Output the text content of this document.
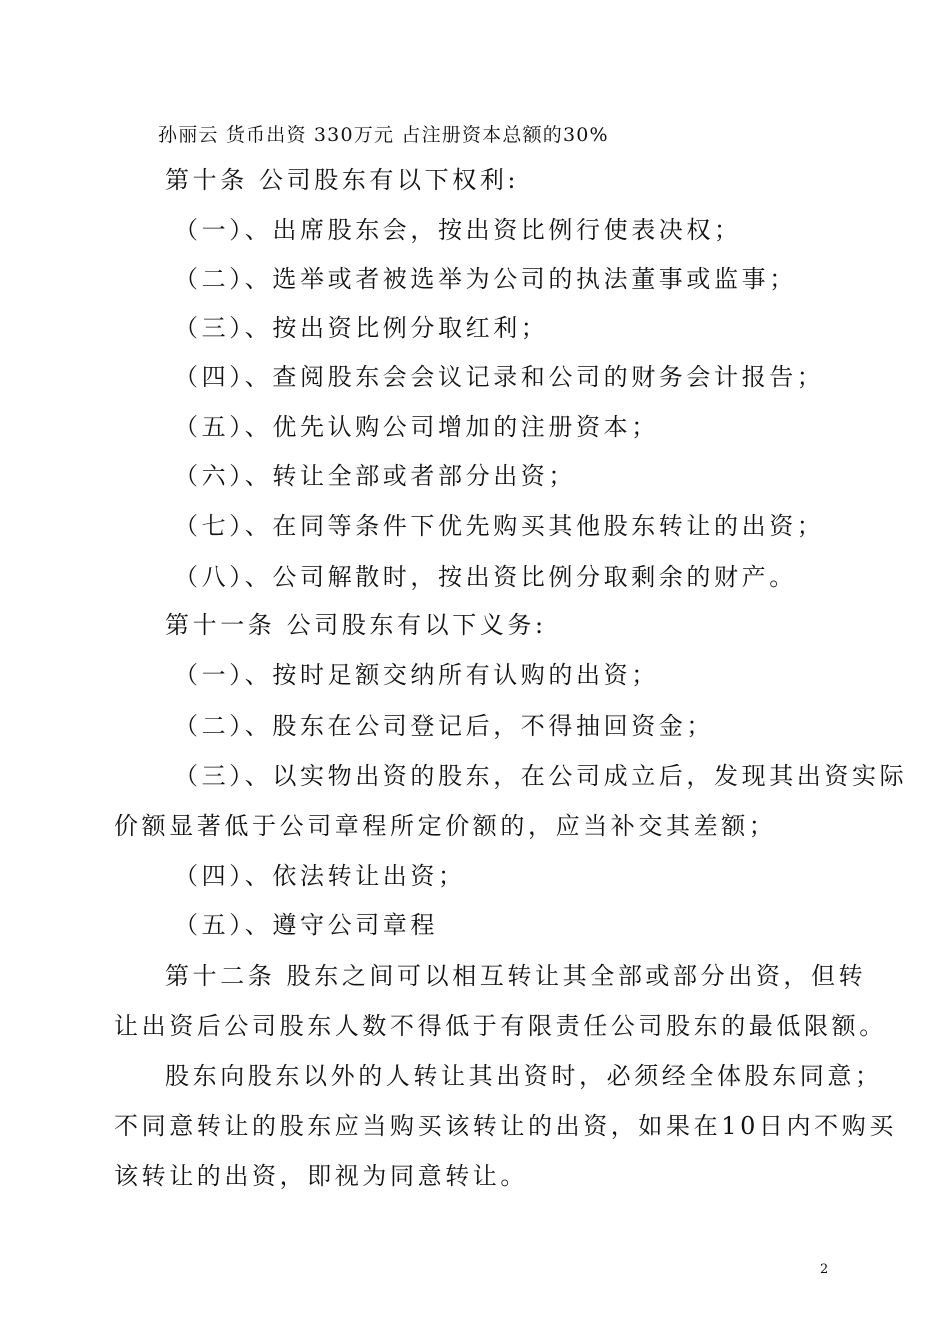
孙丽云 货币出资 330万元 占注册资本总额的30%
第十条 公司股东有以下权利:
（一）、出席股东会，按出资比例行使表决权；
（二）、选举或者被选举为公司的执法董事或监事；
（三）、按出资比例分取红利；
（四）、查阅股东会会议记录和公司的财务会计报告；
（五）、优先认购公司增加的注册资本；
（六）、转让全部或者部分出资；
（七）、在同等条件下优先购买其他股东转让的出资；
（八）、公司解散时，按出资比例分取剩余的财产。
第十一条 公司股东有以下义务:
（一）、按时足额交纳所有认购的出资；
（二）、股东在公司登记后，不得抽回资金；
（三）、以实物出资的股东，在公司成立后，发现其出资实际
价额显著低于公司章程所定价额的，应当补交其差额；
（四）、依法转让出资；
（五）、遵守公司章程
第十二条 股东之间可以相互转让其全部或部分出资，但转
让出资后公司股东人数不得低于有限责任公司股东的最低限额。
股东向股东以外的人转让其出资时，必须经全体股东同意；
不同意转让的股东应当购买该转让的出资，如果在10日内不购买
该转让的出资，即视为同意转让。
2
